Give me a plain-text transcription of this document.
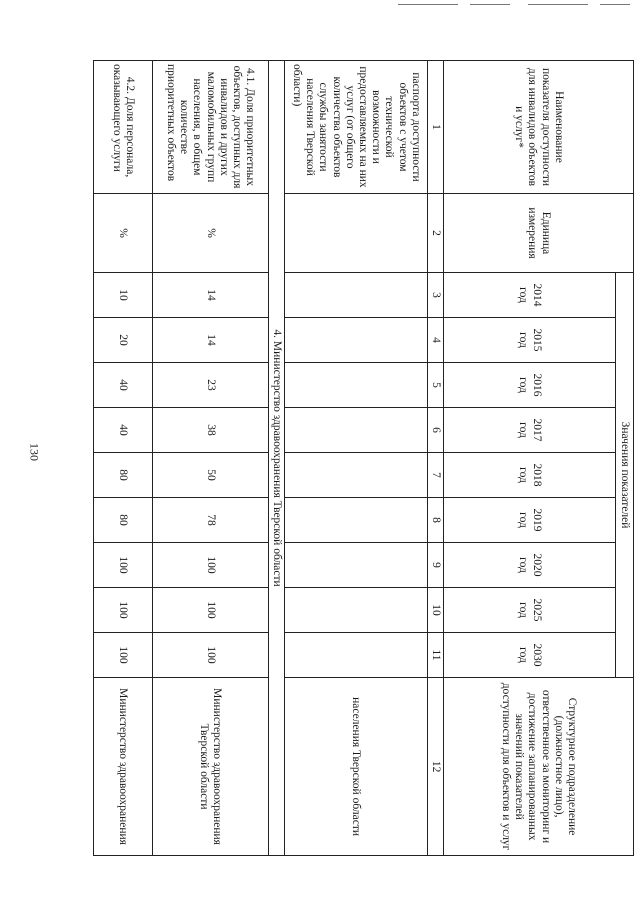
130
Наименование показателя доступности для инвалидов объектов и услуг*	Единица измерения	Значения показателей									Структурное подразделение (должностное лицо), ответственное за мониторинг и достижение запланированных значений показателей доступности для объектов и услуг
		2014 год	2015 год	2016 год	2017 год	2018 год	2019 год	2020 год	2025 год	2030 год	
1	2	3	4	5	6	7	8	9	10	11	12
паспорта доступности объектов с учетом технической возможности и предоставляемых на них услуг (от общего количества объектов службы занятости населения Тверской области)											населения Тверской области
4. Министерство здравоохранения Тверской области											
4.1. Доля приоритетных объектов, доступных для инвалидов и других маломобильных групп населения, в общем количестве приоритетных объектов	%	14	14	23	38	50	78	100	100	100	Министерство здравоохранения Тверской области
4.2. Доля персонала, оказывающего услуги	%	10	20	40	40	80	80	100	100	100	Министерство здравоохранения
